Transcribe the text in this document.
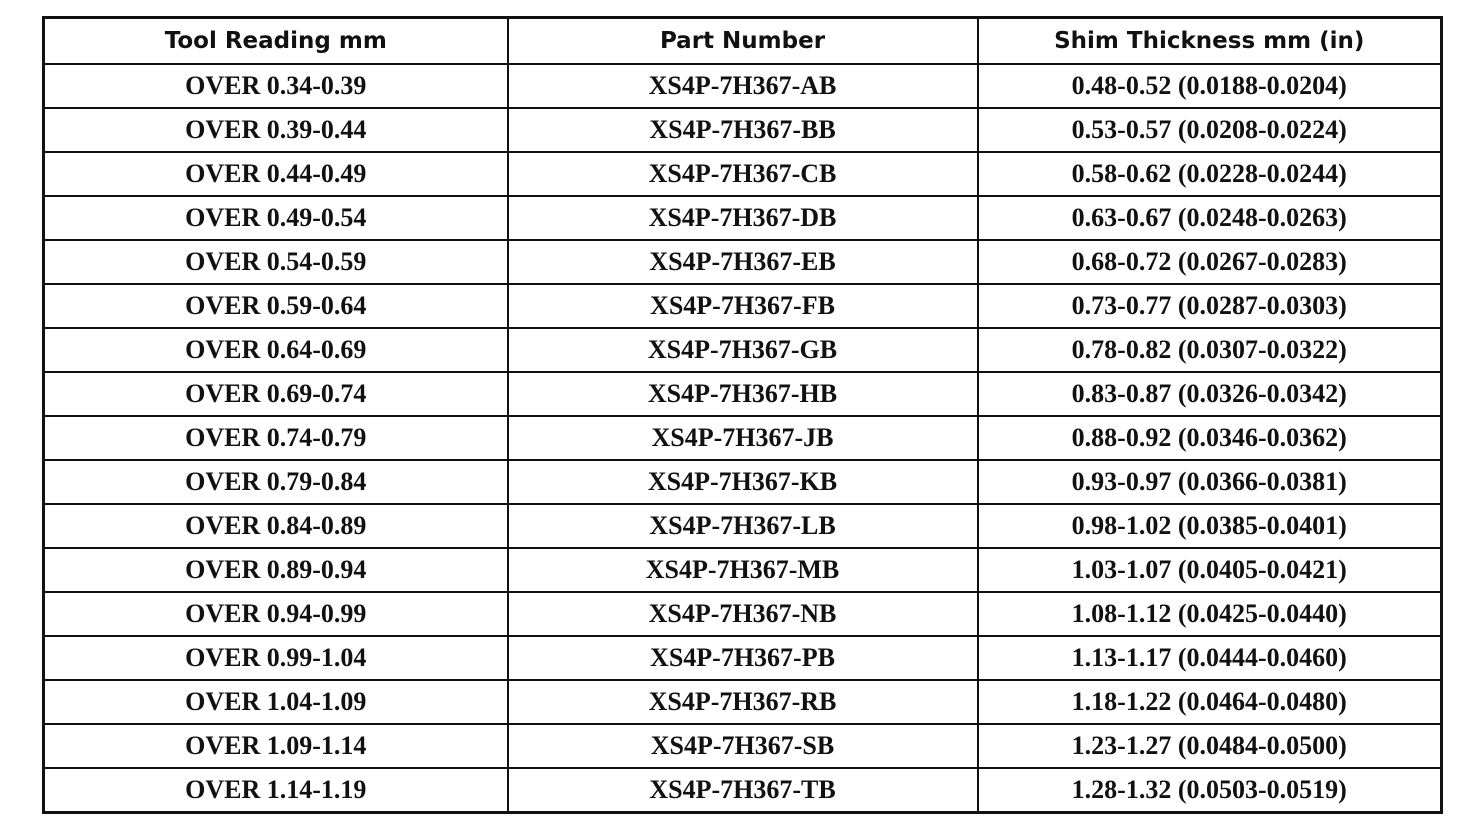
Tool Reading mm	Part Number	Shim Thickness mm (in)
OVER 0.34-0.39	XS4P-7H367-AB	0.48-0.52 (0.0188-0.0204)
OVER 0.39-0.44	XS4P-7H367-BB	0.53-0.57 (0.0208-0.0224)
OVER 0.44-0.49	XS4P-7H367-CB	0.58-0.62 (0.0228-0.0244)
OVER 0.49-0.54	XS4P-7H367-DB	0.63-0.67 (0.0248-0.0263)
OVER 0.54-0.59	XS4P-7H367-EB	0.68-0.72 (0.0267-0.0283)
OVER 0.59-0.64	XS4P-7H367-FB	0.73-0.77 (0.0287-0.0303)
OVER 0.64-0.69	XS4P-7H367-GB	0.78-0.82 (0.0307-0.0322)
OVER 0.69-0.74	XS4P-7H367-HB	0.83-0.87 (0.0326-0.0342)
OVER 0.74-0.79	XS4P-7H367-JB	0.88-0.92 (0.0346-0.0362)
OVER 0.79-0.84	XS4P-7H367-KB	0.93-0.97 (0.0366-0.0381)
OVER 0.84-0.89	XS4P-7H367-LB	0.98-1.02 (0.0385-0.0401)
OVER 0.89-0.94	XS4P-7H367-MB	1.03-1.07 (0.0405-0.0421)
OVER 0.94-0.99	XS4P-7H367-NB	1.08-1.12 (0.0425-0.0440)
OVER 0.99-1.04	XS4P-7H367-PB	1.13-1.17 (0.0444-0.0460)
OVER 1.04-1.09	XS4P-7H367-RB	1.18-1.22 (0.0464-0.0480)
OVER 1.09-1.14	XS4P-7H367-SB	1.23-1.27 (0.0484-0.0500)
OVER 1.14-1.19	XS4P-7H367-TB	1.28-1.32 (0.0503-0.0519)
